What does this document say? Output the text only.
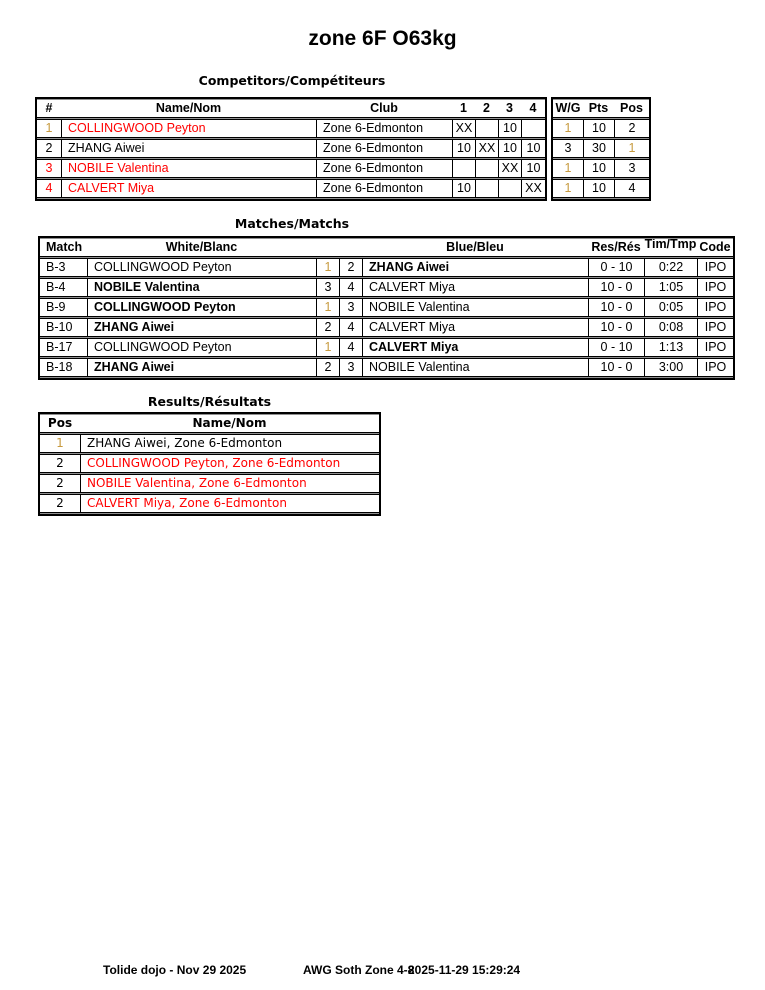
zone 6F O63kg
Competitors/Compétiteurs
#	Name/Nom	Club	1	2	3	4
1	COLLINGWOOD Peyton	Zone 6-Edmonton	XX		10	
2	ZHANG Aiwei	Zone 6-Edmonton	10	XX	10	10
3	NOBILE Valentina	Zone 6-Edmonton			XX	10
4	CALVERT Miya	Zone 6-Edmonton	10			XX
W/G	Pts	Pos
1	10	2
3	30	1
1	10	3
1	10	4
Matches/Matchs
Match	White/Blanc			Blue/Bleu	Res/Rés	Tim/Tmp	Code
B-3	COLLINGWOOD Peyton	1	2	ZHANG Aiwei	0 - 10	0:22	IPO
B-4	NOBILE Valentina	3	4	CALVERT Miya	10 - 0	1:05	IPO
B-9	COLLINGWOOD Peyton	1	3	NOBILE Valentina	10 - 0	0:05	IPO
B-10	ZHANG Aiwei	2	4	CALVERT Miya	10 - 0	0:08	IPO
B-17	COLLINGWOOD Peyton	1	4	CALVERT Miya	0 - 10	1:13	IPO
B-18	ZHANG Aiwei	2	3	NOBILE Valentina	10 - 0	3:00	IPO
Results/Résultats
Pos	Name/Nom
1	ZHANG Aiwei, Zone 6-Edmonton
2	COLLINGWOOD Peyton, Zone 6-Edmonton
2	NOBILE Valentina, Zone 6-Edmonton
2	CALVERT Miya, Zone 6-Edmonton
Tolide dojo - Nov 29 2025	AWG Soth Zone 4-8
2025-11-29 15:29:24
